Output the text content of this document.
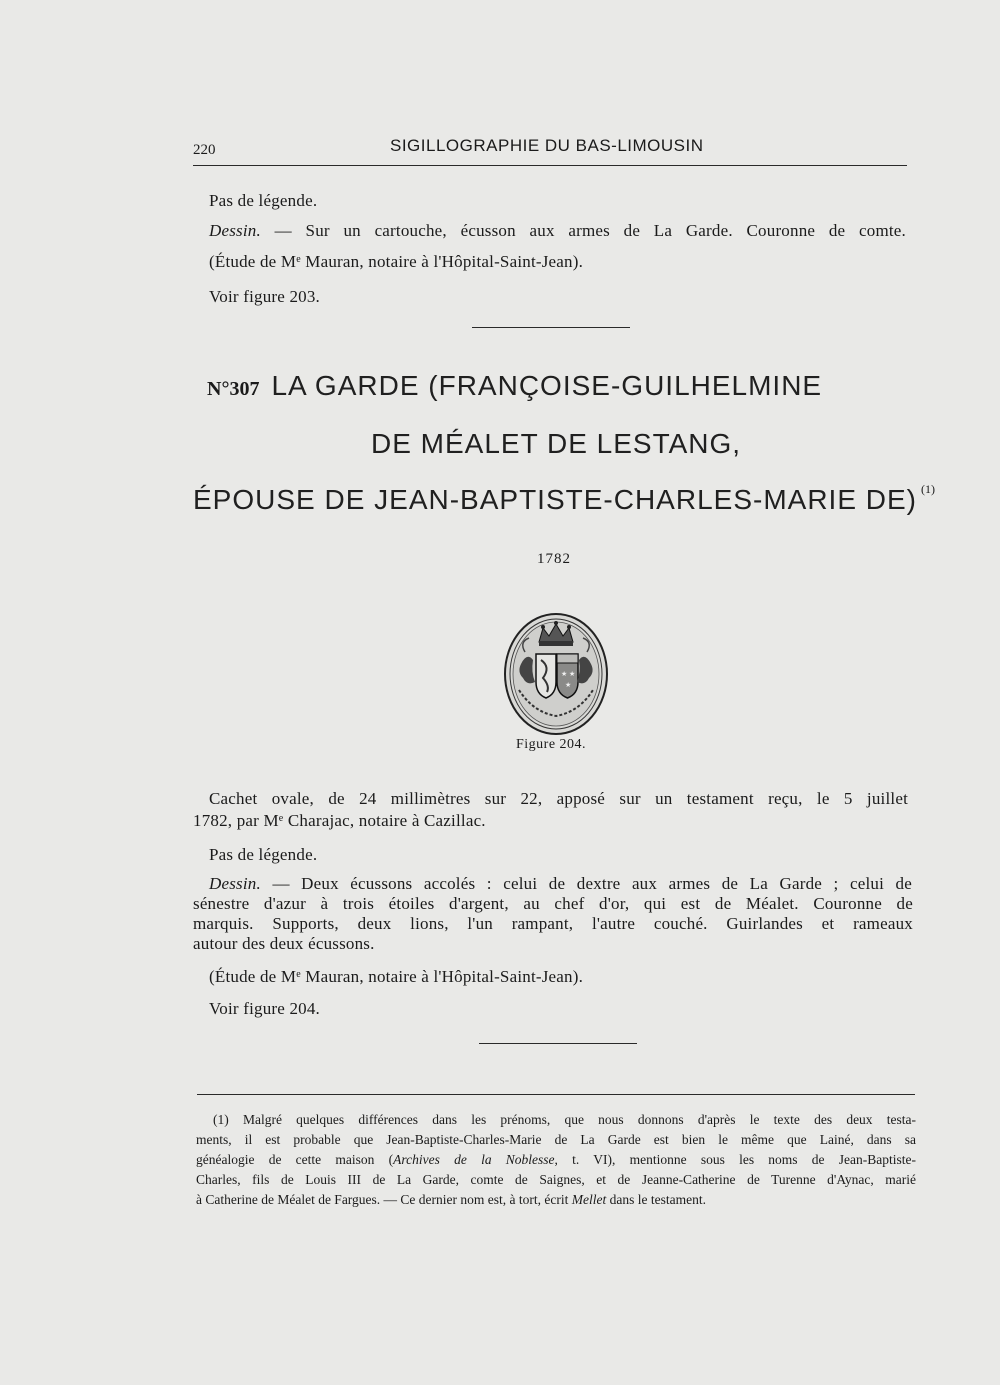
220	SIGILLOGRAPHIE DU BAS-LIMOUSIN
Pas de légende.
Dessin. — Sur un cartouche, écusson aux armes de La Garde. Couronne de comte.
(Étude de Me Mauran, notaire à l'Hôpital-Saint-Jean).
Voir figure 203.
N°307 LA GARDE (FRANÇOISE-GUILHELMINE
DE MÉALET DE LESTANG,
ÉPOUSE DE JEAN-BAPTISTE-CHARLES-MARIE DE) $^{(1)}$
1782
★ ★
★
Figure 204.
Cachet ovale, de 24 millimètres sur 22, apposé sur un testament reçu, le 5 juillet
1782, par Me Charajac, notaire à Cazillac.
Pas de légende.
Dessin. — Deux écussons accolés : celui de dextre aux armes de La Garde ; celui de
sénestre d'azur à trois étoiles d'argent, au chef d'or, qui est de Méalet. Couronne de
marquis. Supports, deux lions, l'un rampant, l'autre couché. Guirlandes et rameaux
autour des deux écussons.
(Étude de Me Mauran, notaire à l'Hôpital-Saint-Jean).
Voir figure 204.
(1) Malgré quelques différences dans les prénoms, que nous donnons d'après le texte des deux testa-
ments, il est probable que Jean-Baptiste-Charles-Marie de La Garde est bien le même que Lainé, dans sa
généalogie de cette maison (Archives de la Noblesse, t. VI), mentionne sous les noms de Jean-Baptiste-
Charles, fils de Louis III de La Garde, comte de Saignes, et de Jeanne-Catherine de Turenne d'Aynac, marié
à Catherine de Méalet de Fargues. — Ce dernier nom est, à tort, écrit Mellet dans le testament.
